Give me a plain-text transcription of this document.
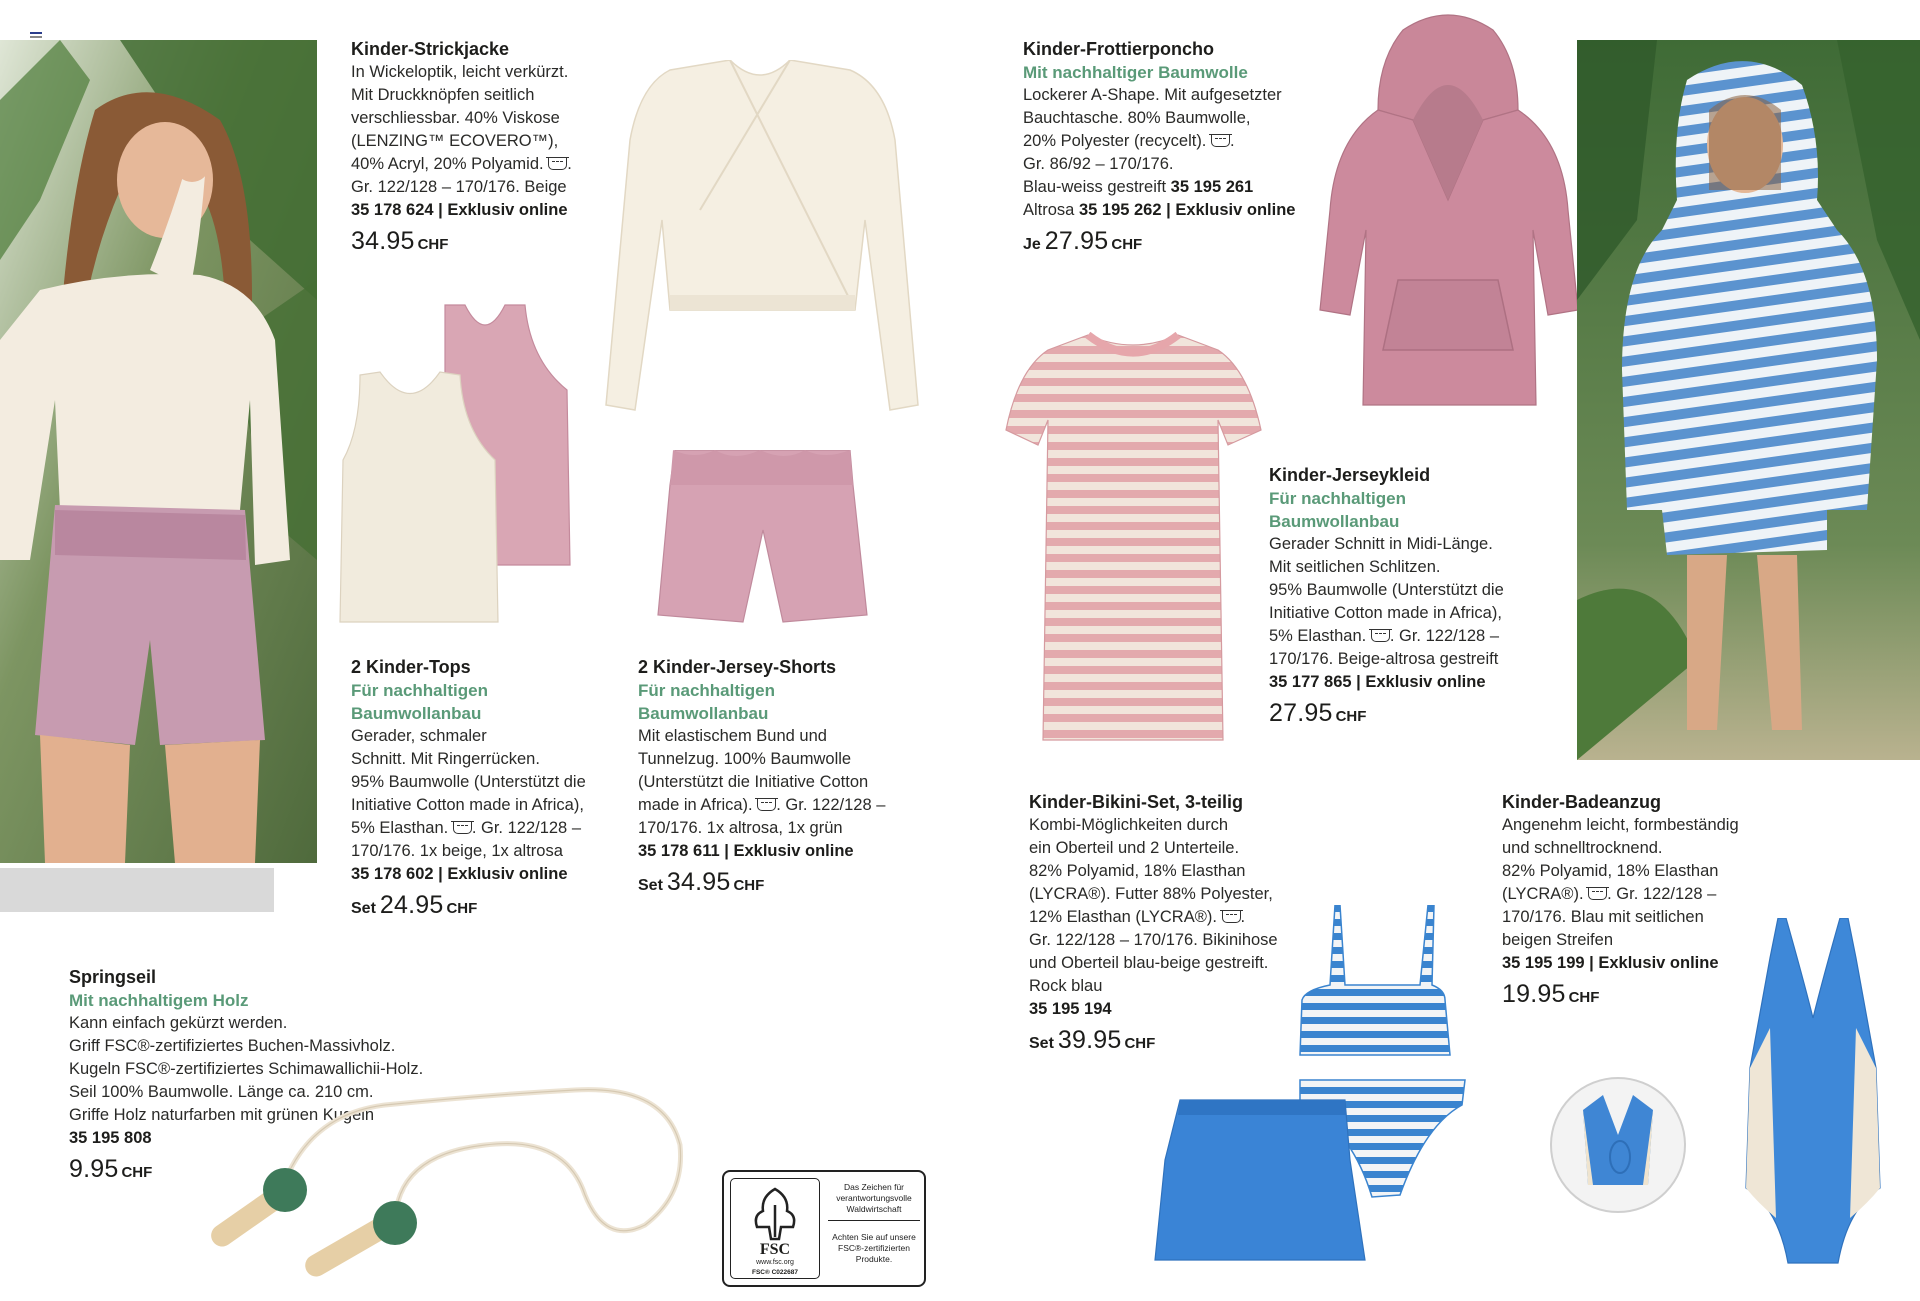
Kinder-Strickjacke
In Wickeloptik, leicht verkürzt.
Mit Druckknöpfen seitlich
verschliessbar. 40% Viskose
(LENZING™ ECOVERO™),
40% Acryl, 20% Polyamid. .
Gr. 122/128 – 170/176. Beige
35 178 624 | Exklusiv online
34.95 CHF
2 Kinder-Tops
Für nachhaltigen
Baumwollanbau
Gerader, schmaler
Schnitt. Mit Ringerrücken.
95% Baumwolle (Unterstützt die
Initiative Cotton made in Africa),
5% Elasthan. . Gr. 122/128 –
170/176. 1x beige, 1x altrosa
35 178 602 | Exklusiv online
Set 24.95 CHF
2 Kinder-Jersey-Shorts
Für nachhaltigen
Baumwollanbau
Mit elastischem Bund und
Tunnelzug. 100% Baumwolle
(Unterstützt die Initiative Cotton
made in Africa). . Gr. 122/128 –
170/176. 1x altrosa, 1x grün
35 178 611 | Exklusiv online
Set 34.95 CHF
Kinder-Frottierponcho
Mit nachhaltiger Baumwolle
Lockerer A-Shape. Mit aufgesetzter
Bauchtasche. 80% Baumwolle,
20% Polyester (recycelt). .
Gr. 86/92 – 170/176.
Blau-weiss gestreift 35 195 261
Altrosa 35 195 262 | Exklusiv online
Je 27.95 CHF
Kinder-Jerseykleid
Für nachhaltigen
Baumwollanbau
Gerader Schnitt in Midi-Länge.
Mit seitlichen Schlitzen.
95% Baumwolle (Unterstützt die
Initiative Cotton made in Africa),
5% Elasthan. . Gr. 122/128 –
170/176. Beige-altrosa gestreift
35 177 865 | Exklusiv online
27.95 CHF
Kinder-Bikini-Set, 3-teilig
Kombi-Möglichkeiten durch
ein Oberteil und 2 Unterteile.
82% Polyamid, 18% Elasthan
(LYCRA®). Futter 88% Polyester,
12% Elasthan (LYCRA®). .
Gr. 122/128 – 170/176. Bikinihose
und Oberteil blau-beige gestreift.
Rock blau
35 195 194
Set 39.95 CHF
Kinder-Badeanzug
Angenehm leicht, formbeständig
und schnelltrocknend.
82% Polyamid, 18% Elasthan
(LYCRA®). . Gr. 122/128 –
170/176. Blau mit seitlichen
beigen Streifen
35 195 199 | Exklusiv online
19.95 CHF
Springseil
Mit nachhaltigem Holz
Kann einfach gekürzt werden.
Griff FSC®-zertifiziertes Buchen-Massivholz.
Kugeln FSC®-zertifiziertes Schimawallichii-Holz.
Seil 100% Baumwolle. Länge ca. 210 cm.
Griffe Holz naturfarben mit grünen Kugeln
35 195 808
9.95 CHF
FSC
www.fsc.org
FSC® C022687
Das Zeichen für
verantwortungsvolle
Waldwirtschaft
Achten Sie auf unsere
FSC®-zertifizierten
Produkte.
